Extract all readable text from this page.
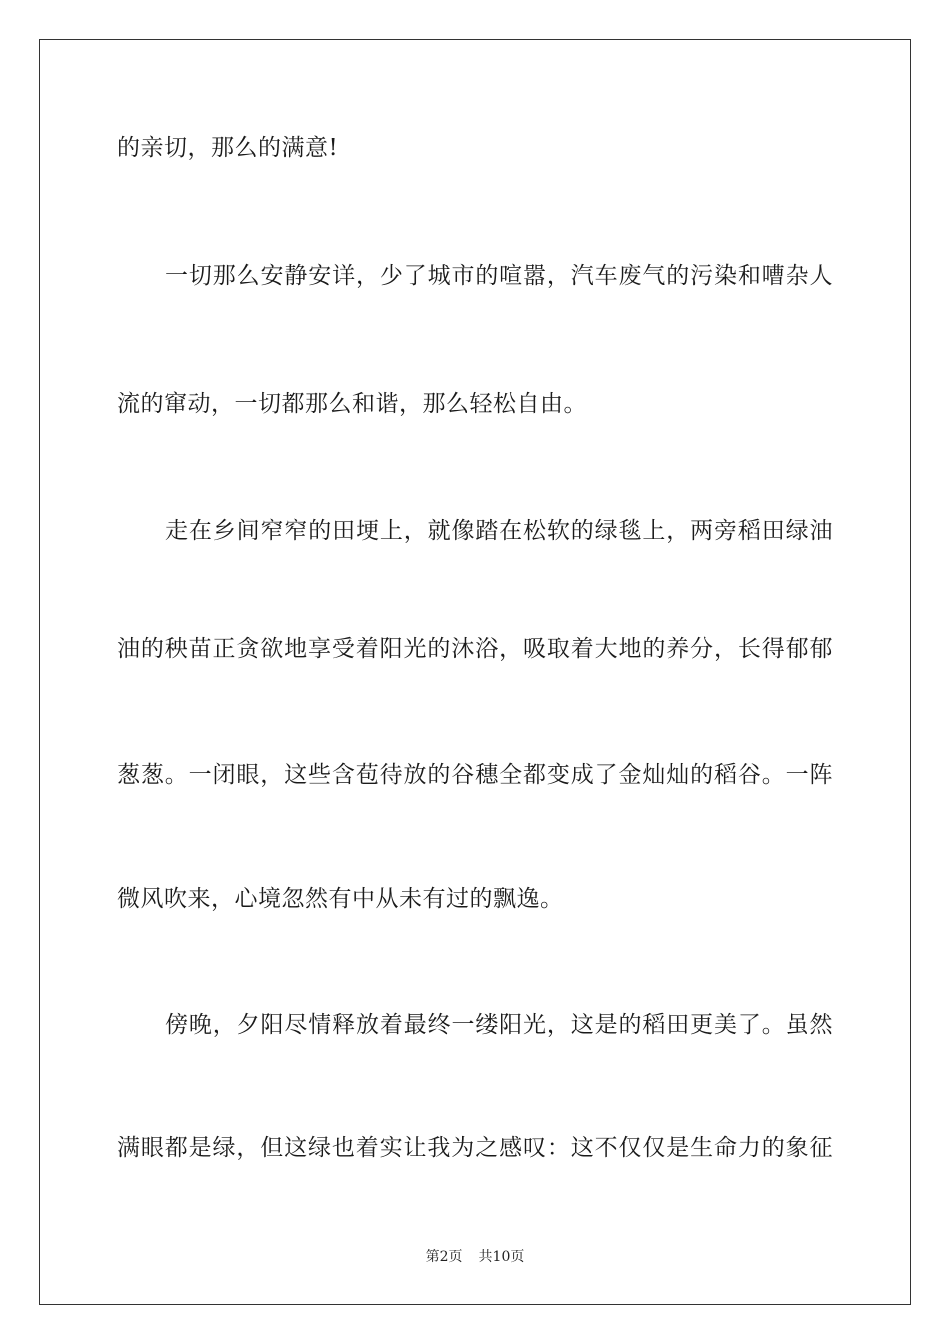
的亲切，那么的满意!
一切那么安静安详，少了城市的喧嚣，汽车废气的污染和嘈杂人
流的窜动，一切都那么和谐，那么轻松自由。
走在乡间窄窄的田埂上，就像踏在松软的绿毯上，两旁稻田绿油
油的秧苗正贪欲地享受着阳光的沐浴，吸取着大地的养分，长得郁郁
葱葱。一闭眼，这些含苞待放的谷穗全都变成了金灿灿的稻谷。一阵
微风吹来，心境忽然有中从未有过的飘逸。
傍晚，夕阳尽情释放着最终一缕阳光，这是的稻田更美了。虽然
满眼都是绿，但这绿也着实让我为之感叹：这不仅仅是生命力的象征
第2页 共10页
